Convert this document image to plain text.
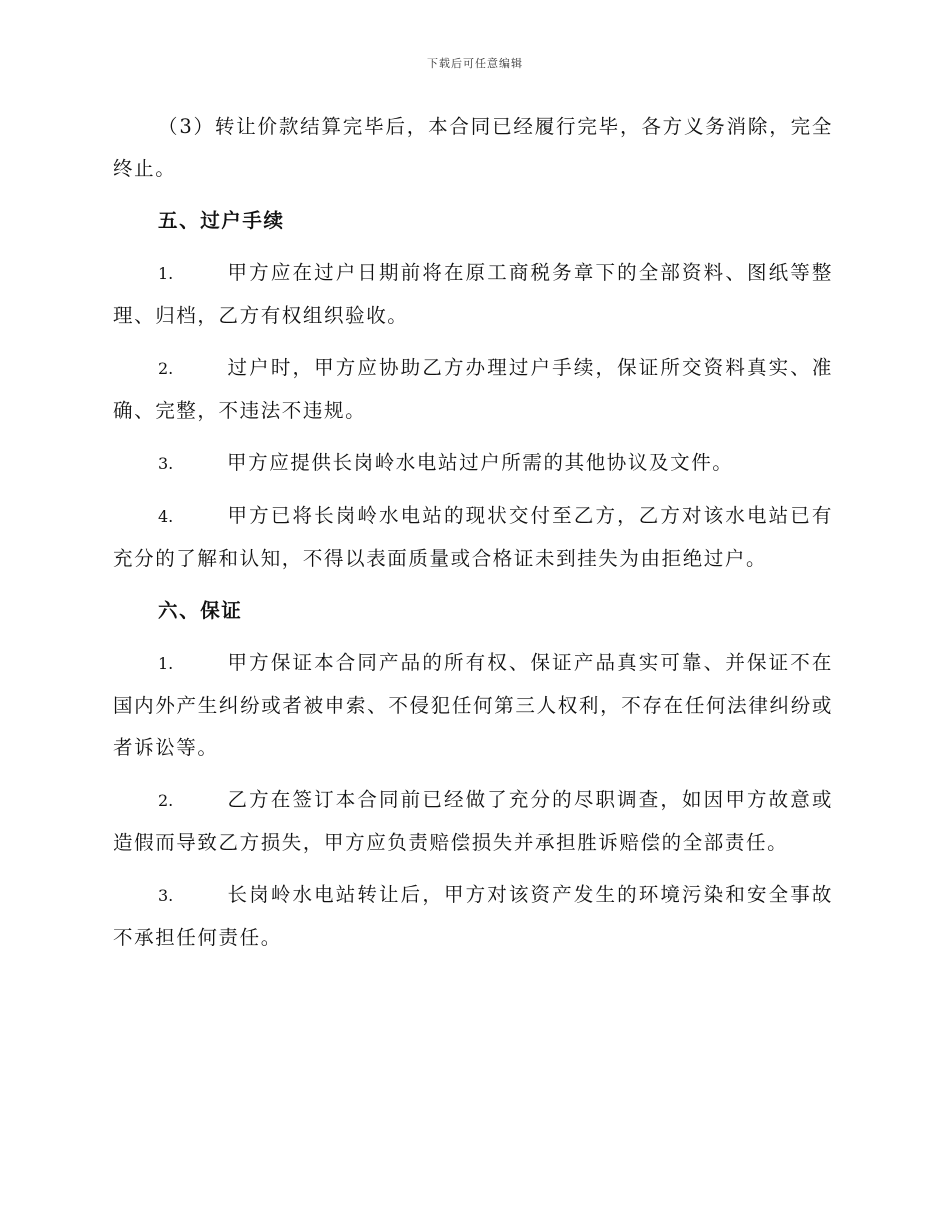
下载后可任意编辑

（3）转让价款结算完毕后，本合同已经履行完毕，各方义务消除，完全终止。

五、过户手续

1.	甲方应在过户日期前将在原工商税务章下的全部资料、图纸等整理、归档，乙方有权组织验收。

2.	过户时，甲方应协助乙方办理过户手续，保证所交资料真实、准确、完整，不违法不违规。

3.	甲方应提供长岗岭水电站过户所需的其他协议及文件。

4.	甲方已将长岗岭水电站的现状交付至乙方，乙方对该水电站已有充分的了解和认知，不得以表面质量或合格证未到挂失为由拒绝过户。

六、保证

1.	甲方保证本合同产品的所有权、保证产品真实可靠、并保证不在国内外产生纠纷或者被申索、不侵犯任何第三人权利，不存在任何法律纠纷或者诉讼等。

2.	乙方在签订本合同前已经做了充分的尽职调查，如因甲方故意或造假而导致乙方损失，甲方应负责赔偿损失并承担胜诉赔偿的全部责任。

3.	长岗岭水电站转让后，甲方对该资产发生的环境污染和安全事故不承担任何责任。
